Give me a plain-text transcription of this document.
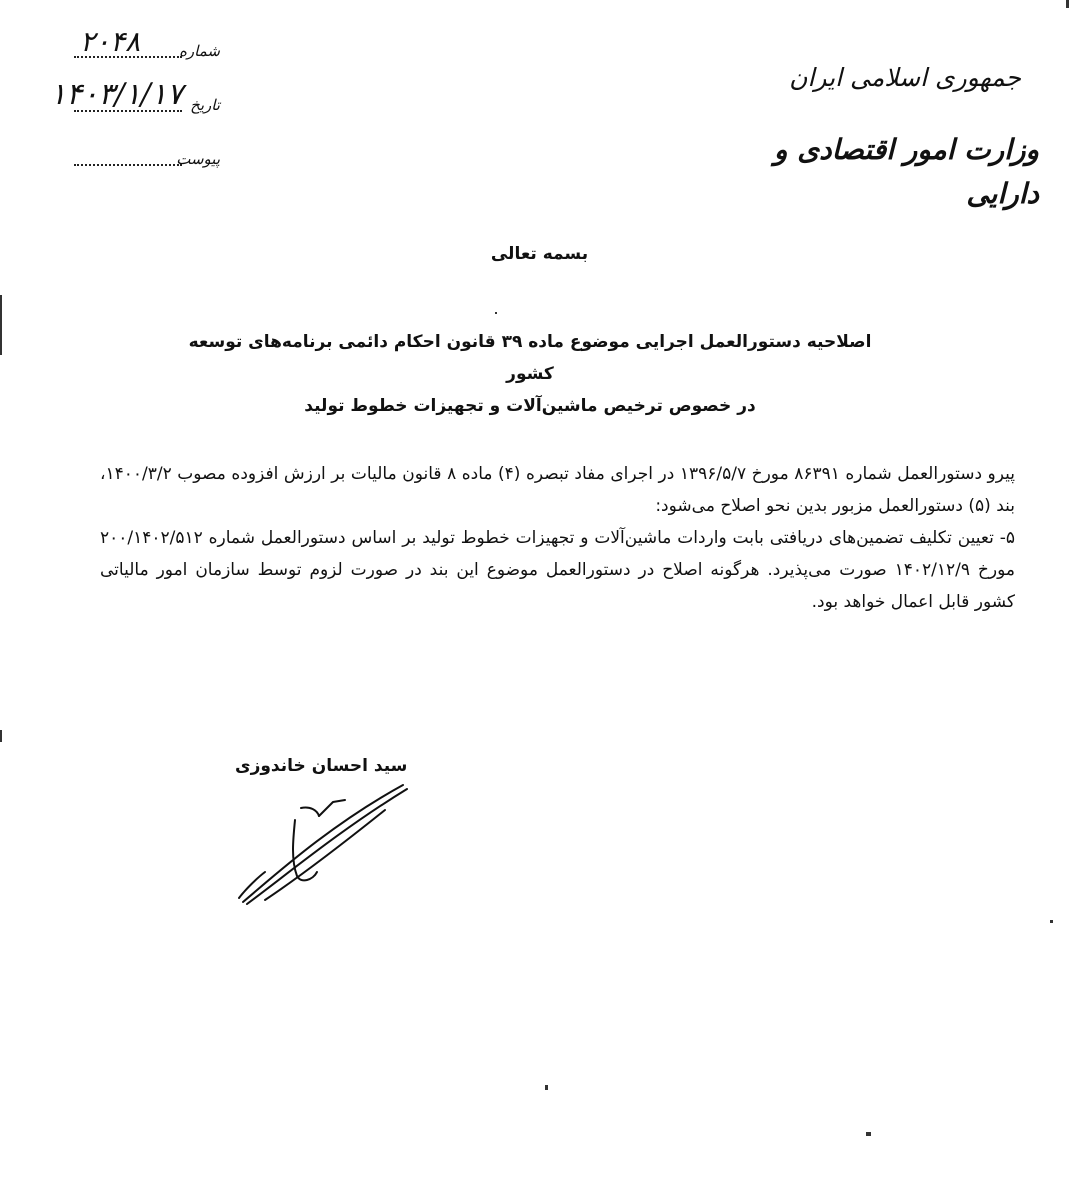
جمهوری اسلامی ایران
وزارت امور اقتصادی و دارایی
۲۰۴۸	شماره
۱۴۰۳/۱/۱۷ تاریخ
پیوست
بسمه تعالی
اصلاحیه دستورالعمل اجرایی موضوع ماده ۳۹ قانون احکام دائمی برنامه‌های توسعه کشور
در خصوص ترخیص ماشین‌آلات و تجهیزات خطوط تولید

پیرو دستورالعمل شماره ۸۶۳۹۱ مورخ ۱۳۹۶/۵/۷ در اجرای مفاد تبصره (۴) ماده ۸ قانون مالیات بر ارزش افزوده مصوب ۱۴۰۰/۳/۲، بند (۵) دستورالعمل مزبور بدین نحو اصلاح می‌شود:

۵- تعیین تکلیف تضمین‌های دریافتی بابت واردات ماشین‌آلات و تجهیزات خطوط تولید بر اساس دستورالعمل شماره ۲۰۰/۱۴۰۲/۵۱۲ مورخ ۱۴۰۲/۱۲/۹ صورت می‌پذیرد. هرگونه اصلاح در دستورالعمل موضوع این بند در صورت لزوم توسط سازمان امور مالیاتی کشور قابل اعمال خواهد بود.

سید احسان خاندوزی
